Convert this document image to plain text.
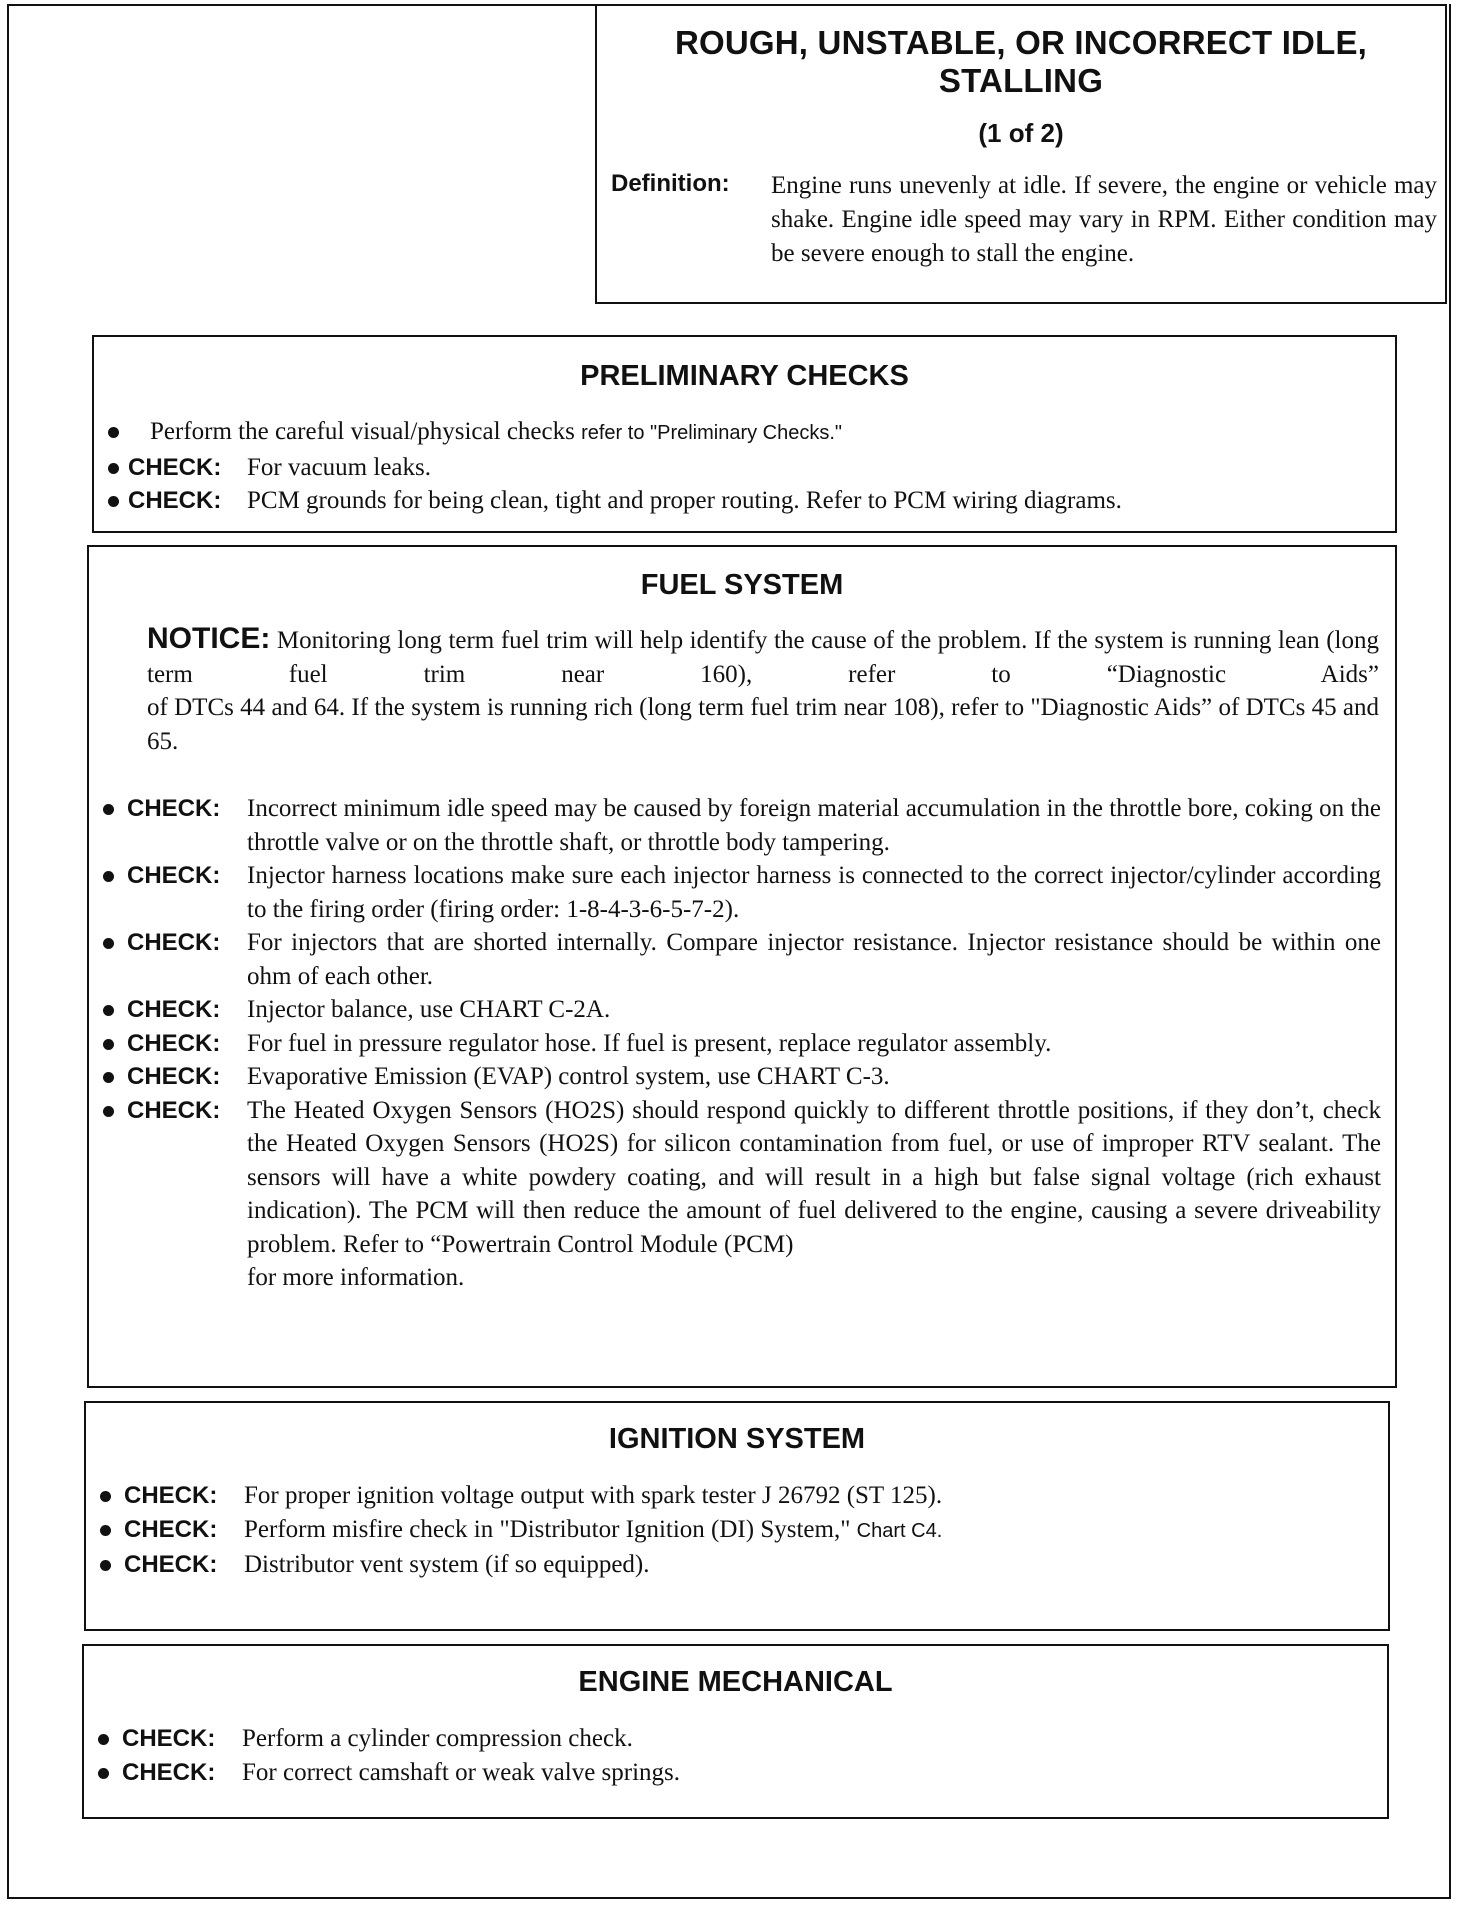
ROUGH, UNSTABLE, OR INCORRECT IDLE, STALLING
(1 of 2)
Definition: Engine runs unevenly at idle. If severe, the engine or vehicle may shake. Engine idle speed may vary in RPM. Either condition may be severe enough to stall the engine.
PRELIMINARY CHECKS
Perform the careful visual/physical checks refer to "Preliminary Checks."
CHECK: For vacuum leaks.
CHECK: PCM grounds for being clean, tight and proper routing. Refer to PCM wiring diagrams.
FUEL SYSTEM
NOTICE: Monitoring long term fuel trim will help identify the cause of the problem. If the system is running lean (long term fuel trim near 160), refer to “Diagnostic Aids”
of DTCs 44 and 64. If the system is running rich (long term fuel trim near 108), refer to "Diagnostic Aids” of DTCs 45 and 65.
CHECK: Incorrect minimum idle speed may be caused by foreign material accumulation in the throttle bore, coking on the throttle valve or on the throttle shaft, or throttle body tampering.
CHECK: Injector harness locations make sure each injector harness is connected to the correct injector/cylinder according to the firing order (firing order: 1-8-4-3-6-5-7-2).
CHECK: For injectors that are shorted internally. Compare injector resistance. Injector resistance should be within one ohm of each other.
CHECK: Injector balance, use CHART C-2A.
CHECK: For fuel in pressure regulator hose. If fuel is present, replace regulator assembly.
CHECK: Evaporative Emission (EVAP) control system, use CHART C-3.
CHECK: The Heated Oxygen Sensors (HO2S) should respond quickly to different throttle positions, if they don’t, check the Heated Oxygen Sensors (HO2S) for silicon contamination from fuel, or use of improper RTV sealant. The sensors will have a white powdery coating, and will result in a high but false signal voltage (rich exhaust indication). The PCM will then reduce the amount of fuel delivered to the engine, causing a severe driveability problem. Refer to “Powertrain Control Module (PCM)
for more information.
IGNITION SYSTEM
CHECK: For proper ignition voltage output with spark tester J 26792 (ST 125).
CHECK: Perform misfire check in "Distributor Ignition (DI) System," Chart C4.
CHECK: Distributor vent system (if so equipped).
ENGINE MECHANICAL
CHECK: Perform a cylinder compression check.
CHECK: For correct camshaft or weak valve springs.
